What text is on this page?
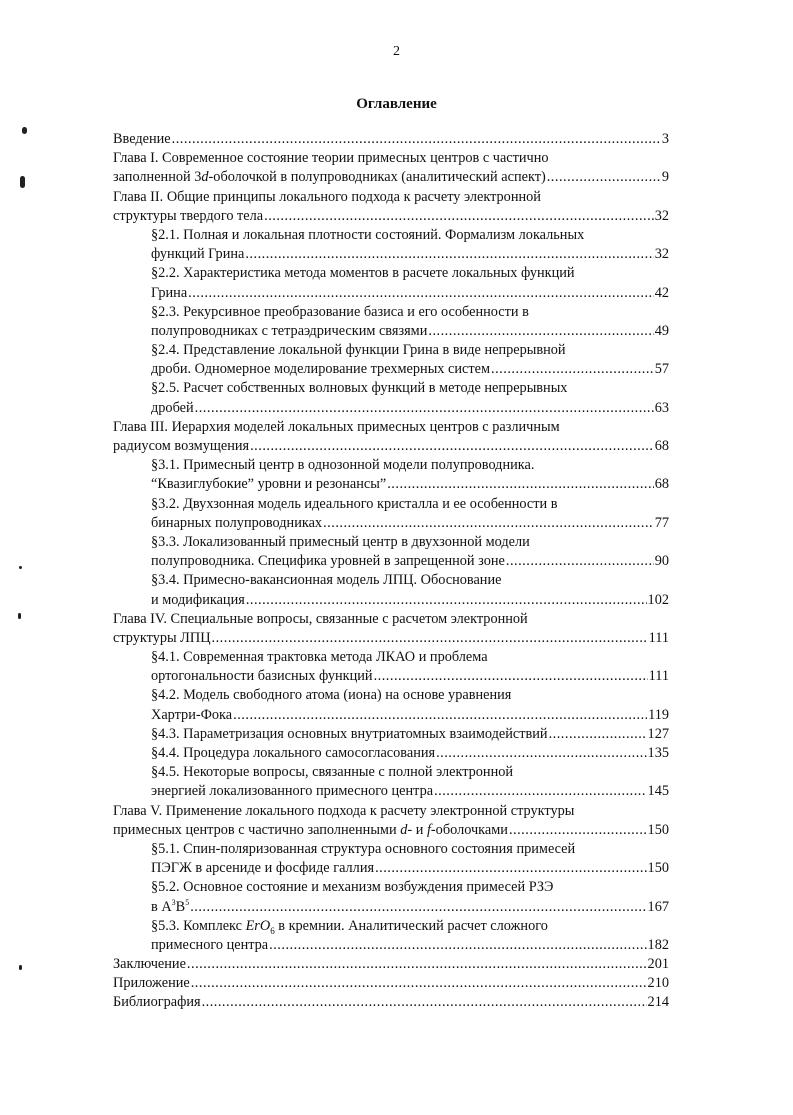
2
Оглавление
Введение .....	3
Глава I. Современное состояние теории примесных центров с частично
заполненной 3d-оболочкой в полупроводниках (аналитический аспект) .....	9
Глава II. Общие принципы локального подхода к расчету электронной
структуры твердого тела .....	32
§2.1. Полная и локальная плотности состояний. Формализм локальных
функций Грина .....	32
§2.2. Характеристика метода моментов в расчете локальных функций
Грина .....	42
§2.3. Рекурсивное преобразование базиса и его особенности в
полупроводниках с тетраэдрическим связями .....	49
§2.4. Представление локальной функции Грина в виде непрерывной
дроби. Одномерное моделирование трехмерных систем .....	57
§2.5. Расчет собственных волновых функций в методе непрерывных
дробей .....	63
Глава III. Иерархия моделей локальных примесных центров с различным
радиусом возмущения .....	68
§3.1. Примесный центр в однозонной модели полупроводника.
“Квазиглубокие” уровни и резонансы” .....	68
§3.2. Двухзонная модель идеального кристалла и ее особенности в
бинарных полупроводниках .....	77
§3.3. Локализованный примесный центр в двухзонной модели
полупроводника. Специфика уровней в запрещенной зоне .....	90
§3.4. Примесно-вакансионная модель ЛПЦ. Обоснование
и модификация .....	102
Глава IV. Специальные вопросы, связанные с расчетом электронной
структуры ЛПЦ .....	111
§4.1. Современная трактовка метода ЛКАО и проблема
ортогональности базисных функций .....	111
§4.2. Модель свободного атома (иона) на основе уравнения
Хартри-Фока .....	119
§4.3. Параметризация основных внутриатомных взаимодействий .....	127
§4.4. Процедура локального самосогласования .....	135
§4.5. Некоторые вопросы, связанные с полной электронной
энергией локализованного примесного центра .....	145
Глава V. Применение локального подхода к расчету электронной структуры
примесных центров с частично заполненными d- и f-оболочками .....	150
§5.1. Спин-поляризованная структура основного состояния примесей
ПЭГЖ в арсениде и фосфиде галлия .....	150
§5.2. Основное состояние и механизм возбуждения примесей РЗЭ
в $A^3B^5$ .....	167
§5.3. Комплекс ErO$_6$ в кремнии. Аналитический расчет сложного
примесного центра .....	182
Заключение .....	201
Приложение .....	210
Библиография .....	214
